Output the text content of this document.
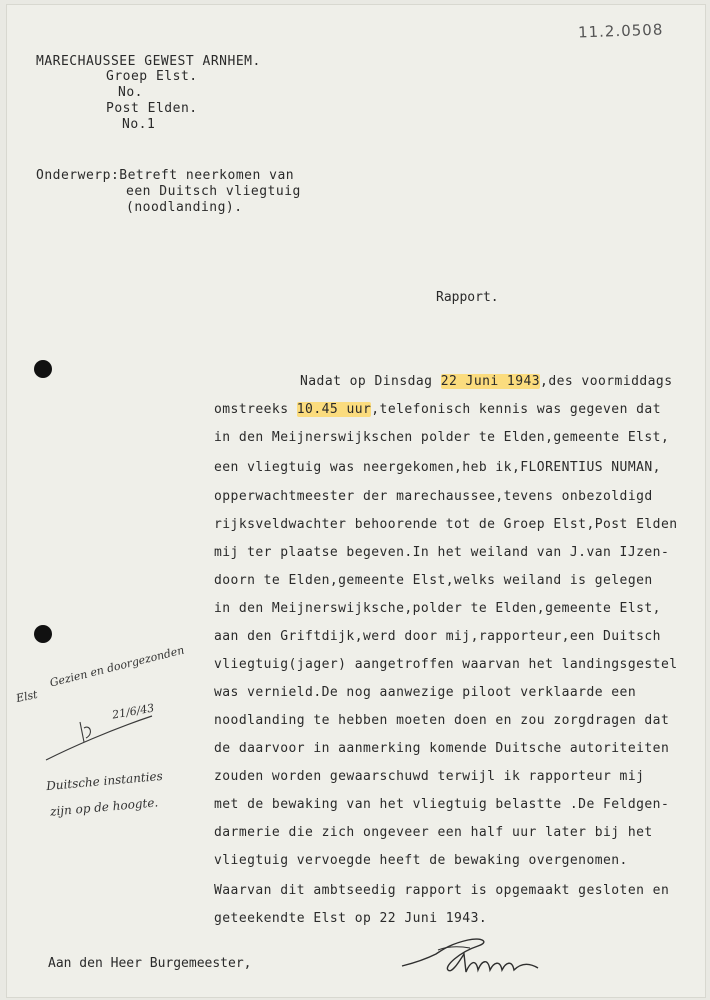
11.2.0508
MARECHAUSSEE GEWEST ARNHEM.
Groep Elst.
No.
Post Elden.
No.1
Onderwerp:Betreft neerkomen van
een Duitsch vliegtuig
(noodlanding).
Rapport.
Nadat op Dinsdag 22 Juni 1943,des voormiddags
omstreeks 10.45 uur,telefonisch kennis was gegeven dat
in den Meijnerswijkschen polder te Elden,gemeente Elst,
een vliegtuig was neergekomen,heb ik,FLORENTIUS NUMAN,
opperwachtmeester der marechaussee,tevens onbezoldigd
rijksveldwachter behoorende tot de Groep Elst,Post Elden
mij ter plaatse begeven.In het weiland van J.van IJzen-
doorn te Elden,gemeente Elst,welks weiland is gelegen
in den Meijnerswijksche,polder te Elden,gemeente Elst,
aan den Griftdijk,werd door mij,rapporteur,een Duitsch
vliegtuig(jager) aangetroffen waarvan het landingsgestel
was vernield.De nog aanwezige piloot verklaarde een
noodlanding te hebben moeten doen en zou zorgdragen dat
de daarvoor in aanmerking komende Duitsche autoriteiten
zouden worden gewaarschuwd terwijl ik rapporteur mij
met de bewaking van het vliegtuig belastte .De Feldgen-
darmerie die zich ongeveer een half uur later bij het
vliegtuig vervoegde heeft de bewaking overgenomen.
Waarvan dit ambtseedig rapport is opgemaakt gesloten en
geteekendte Elst op 22 Juni 1943.
Gezien en doorgezonden
Elst
21/6/43
Duitsche instanties
zijn op de hoogte.
Aan den Heer Burgemeester,
